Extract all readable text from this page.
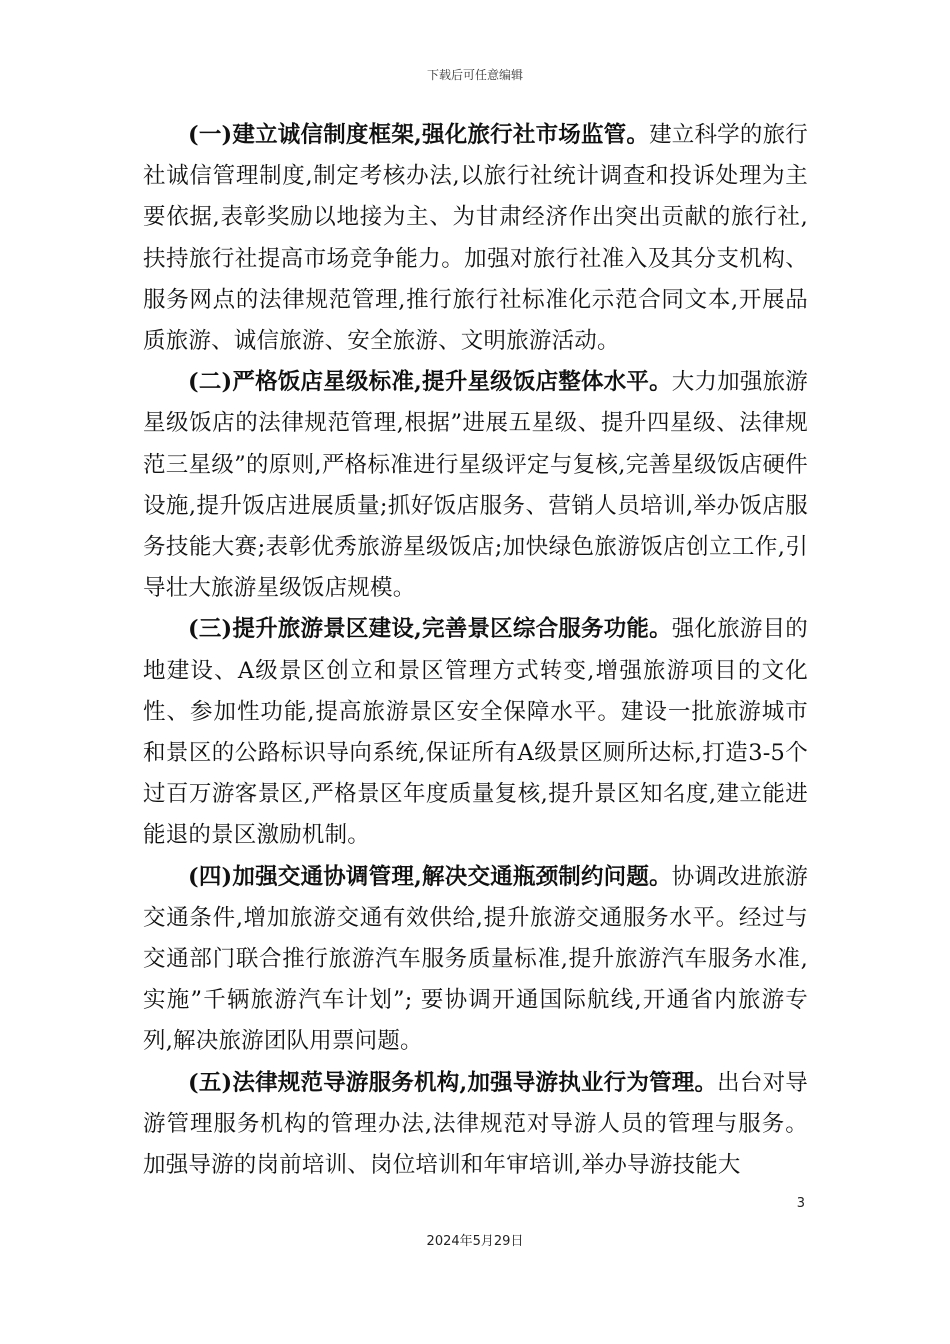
下载后可任意编辑

(一)建立诚信制度框架,强化旅行社市场监管。建立科学的旅行社诚信管理制度,制定考核办法,以旅行社统计调查和投诉处理为主要依据,表彰奖励以地接为主、为甘肃经济作出突出贡献的旅行社,扶持旅行社提高市场竞争能力。加强对旅行社准入及其分支机构、服务网点的法律规范管理,推行旅行社标准化示范合同文本,开展品质旅游、诚信旅游、安全旅游、文明旅游活动。

(二)严格饭店星级标准,提升星级饭店整体水平。大力加强旅游星级饭店的法律规范管理,根据”进展五星级、提升四星级、法律规范三星级”的原则,严格标准进行星级评定与复核,完善星级饭店硬件设施,提升饭店进展质量;抓好饭店服务、营销人员培训,举办饭店服务技能大赛;表彰优秀旅游星级饭店;加快绿色旅游饭店创立工作,引导壮大旅游星级饭店规模。

(三)提升旅游景区建设,完善景区综合服务功能。强化旅游目的地建设、A级景区创立和景区管理方式转变,增强旅游项目的文化性、参加性功能,提高旅游景区安全保障水平。建设一批旅游城市和景区的公路标识导向系统,保证所有A级景区厕所达标,打造3-5个过百万游客景区,严格景区年度质量复核,提升景区知名度,建立能进能退的景区激励机制。

(四)加强交通协调管理,解决交通瓶颈制约问题。协调改进旅游交通条件,增加旅游交通有效供给,提升旅游交通服务水平。经过与交通部门联合推行旅游汽车服务质量标准,提升旅游汽车服务水准,实施”千辆旅游汽车计划”; 要协调开通国际航线,开通省内旅游专列,解决旅游团队用票问题。

(五)法律规范导游服务机构,加强导游执业行为管理。出台对导游管理服务机构的管理办法,法律规范对导游人员的管理与服务。加强导游的岗前培训、岗位培训和年审培训,举办导游技能大

3
2024年5月29日
